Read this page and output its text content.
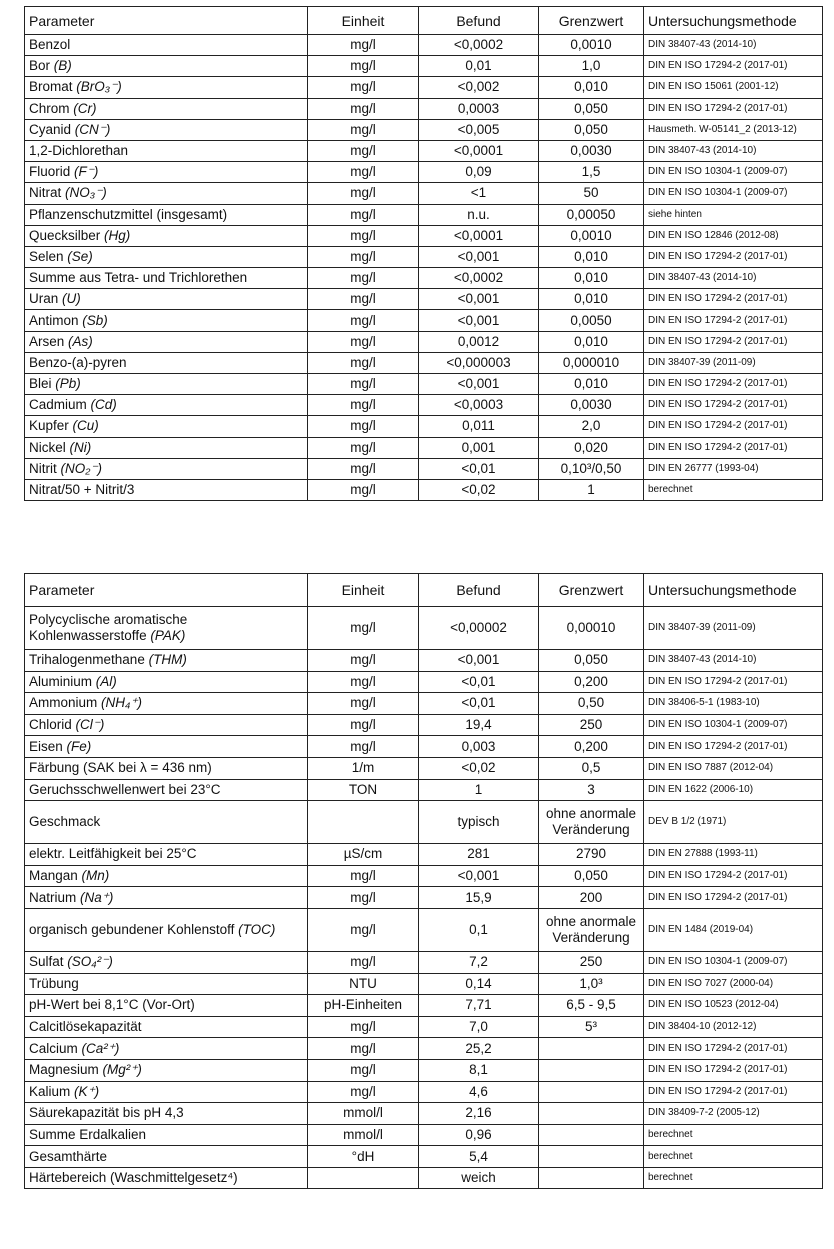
Parameter	Einheit	Befund	Grenzwert	Untersuchungsmethode
Benzol	mg/l	<0,0002	0,0010	DIN 38407-43 (2014-10)
Bor (B)	mg/l	0,01	1,0	DIN EN ISO 17294-2 (2017-01)
Bromat (BrO₃⁻)	mg/l	<0,002	0,010	DIN EN ISO 15061 (2001-12)
Chrom (Cr)	mg/l	0,0003	0,050	DIN EN ISO 17294-2 (2017-01)
Cyanid (CN⁻)	mg/l	<0,005	0,050	Hausmeth. W-05141_2 (2013-12)
1,2-Dichlorethan	mg/l	<0,0001	0,0030	DIN 38407-43 (2014-10)
Fluorid (F⁻)	mg/l	0,09	1,5	DIN EN ISO 10304-1 (2009-07)
Nitrat (NO₃⁻)	mg/l	<1	50	DIN EN ISO 10304-1 (2009-07)
Pflanzenschutzmittel (insgesamt)	mg/l	n.u.	0,00050	siehe hinten
Quecksilber (Hg)	mg/l	<0,0001	0,0010	DIN EN ISO 12846 (2012-08)
Selen (Se)	mg/l	<0,001	0,010	DIN EN ISO 17294-2 (2017-01)
Summe aus Tetra- und Trichlorethen	mg/l	<0,0002	0,010	DIN 38407-43 (2014-10)
Uran (U)	mg/l	<0,001	0,010	DIN EN ISO 17294-2 (2017-01)
Antimon (Sb)	mg/l	<0,001	0,0050	DIN EN ISO 17294-2 (2017-01)
Arsen (As)	mg/l	0,0012	0,010	DIN EN ISO 17294-2 (2017-01)
Benzo-(a)-pyren	mg/l	<0,000003	0,000010	DIN 38407-39 (2011-09)
Blei (Pb)	mg/l	<0,001	0,010	DIN EN ISO 17294-2 (2017-01)
Cadmium (Cd)	mg/l	<0,0003	0,0030	DIN EN ISO 17294-2 (2017-01)
Kupfer (Cu)	mg/l	0,011	2,0	DIN EN ISO 17294-2 (2017-01)
Nickel (Ni)	mg/l	0,001	0,020	DIN EN ISO 17294-2 (2017-01)
Nitrit (NO₂⁻)	mg/l	<0,01	0,10³/0,50	DIN EN 26777 (1993-04)
Nitrat/50 + Nitrit/3	mg/l	<0,02	1	berechnet
Parameter	Einheit	Befund	Grenzwert	Untersuchungsmethode
Polycyclische aromatische Kohlenwasserstoffe (PAK)	mg/l	<0,00002	0,00010	DIN 38407-39 (2011-09)
Trihalogenmethane (THM)	mg/l	<0,001	0,050	DIN 38407-43 (2014-10)
Aluminium (Al)	mg/l	<0,01	0,200	DIN EN ISO 17294-2 (2017-01)
Ammonium (NH₄⁺)	mg/l	<0,01	0,50	DIN 38406-5-1 (1983-10)
Chlorid (Cl⁻)	mg/l	19,4	250	DIN EN ISO 10304-1 (2009-07)
Eisen (Fe)	mg/l	0,003	0,200	DIN EN ISO 17294-2 (2017-01)
Färbung (SAK bei λ = 436 nm)	1/m	<0,02	0,5	DIN EN ISO 7887 (2012-04)
Geruchsschwellenwert bei 23°C	TON	1	3	DIN EN 1622 (2006-10)
Geschmack		typisch	ohne anormale Veränderung	DEV B 1/2 (1971)
elektr. Leitfähigkeit bei 25°C	µS/cm	281	2790	DIN EN 27888 (1993-11)
Mangan (Mn)	mg/l	<0,001	0,050	DIN EN ISO 17294-2 (2017-01)
Natrium (Na⁺)	mg/l	15,9	200	DIN EN ISO 17294-2 (2017-01)
organisch gebundener Kohlenstoff (TOC)	mg/l	0,1	ohne anormale Veränderung	DIN EN 1484 (2019-04)
Sulfat (SO₄²⁻)	mg/l	7,2	250	DIN EN ISO 10304-1 (2009-07)
Trübung	NTU	0,14	1,0³	DIN EN ISO 7027 (2000-04)
pH-Wert bei 8,1°C (Vor-Ort)	pH-Einheiten	7,71	6,5 - 9,5	DIN EN ISO 10523 (2012-04)
Calcitlösekapazität	mg/l	7,0	5³	DIN 38404-10 (2012-12)
Calcium (Ca²⁺)	mg/l	25,2		DIN EN ISO 17294-2 (2017-01)
Magnesium (Mg²⁺)	mg/l	8,1		DIN EN ISO 17294-2 (2017-01)
Kalium (K⁺)	mg/l	4,6		DIN EN ISO 17294-2 (2017-01)
Säurekapazität bis pH 4,3	mmol/l	2,16		DIN 38409-7-2 (2005-12)
Summe Erdalkalien	mmol/l	0,96		berechnet
Gesamthärte	°dH	5,4		berechnet
Härtebereich (Waschmittelgesetz⁴)		weich		berechnet
